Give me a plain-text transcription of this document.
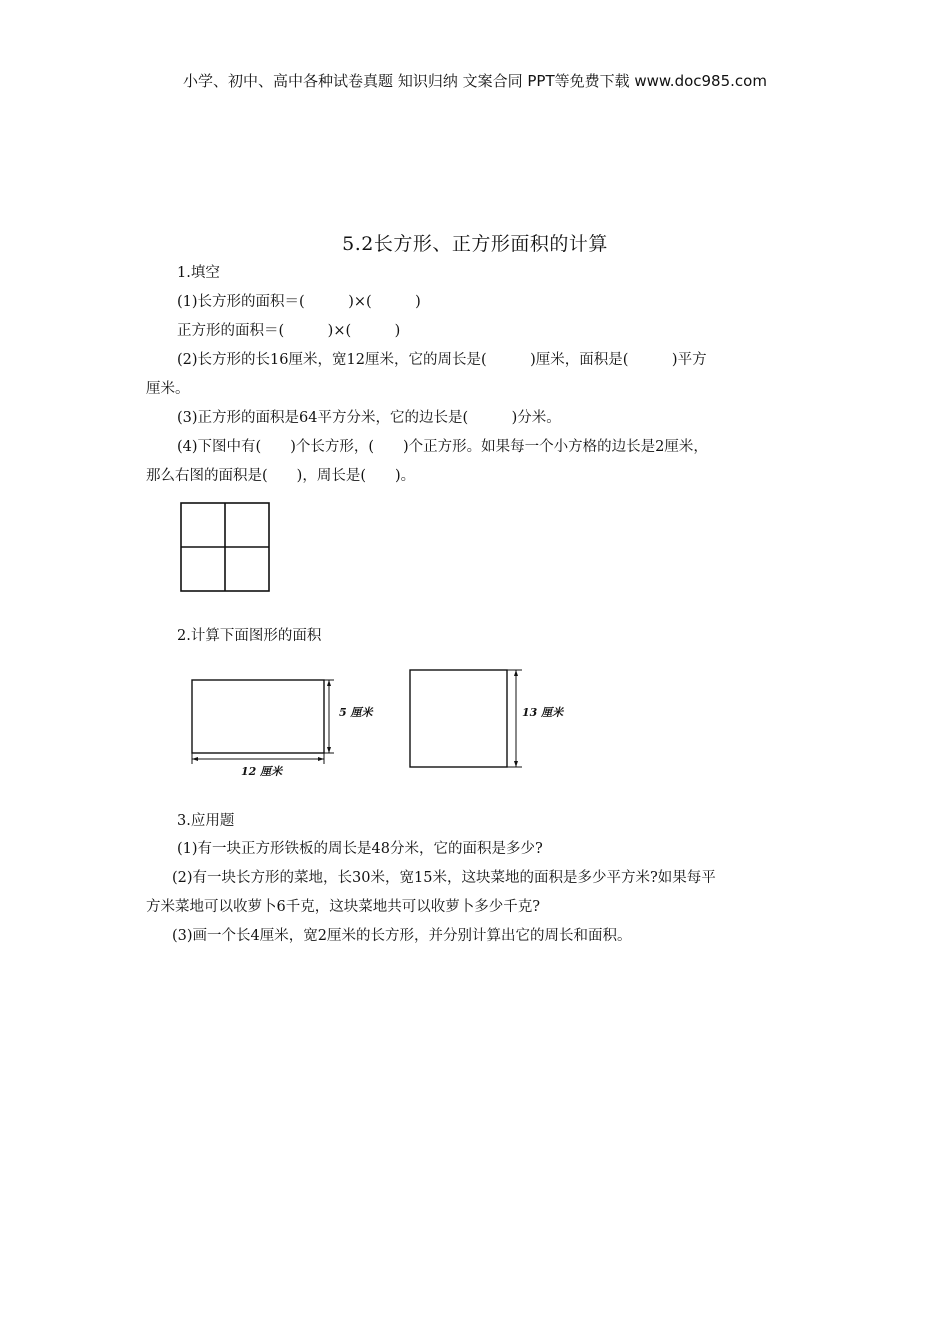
小学、初中、高中各种试卷真题 知识归纳 文案合同 PPT等免费下载 www.doc985.com
5.2长方形、正方形面积的计算
1.填空
(1)长方形的面积＝(　　　)×(　　　)
正方形的面积＝(　　　)×(　　　)
(2)长方形的长16厘米，宽12厘米，它的周长是(　　　)厘米，面积是(　　　)平方
厘米。
(3)正方形的面积是64平方分米，它的边长是(　　　)分米。
(4)下图中有(　　)个长方形，(　　)个正方形。如果每一个小方格的边长是2厘米，
那么右图的面积是(　　)，周长是(　　)。
2.计算下面图形的面积
5 厘米
12 厘米
13 厘米
3.应用题
(1)有一块正方形铁板的周长是48分米，它的面积是多少?
(2)有一块长方形的菜地，长30米，宽15米，这块菜地的面积是多少平方米?如果每平
方米菜地可以收萝卜6千克，这块菜地共可以收萝卜多少千克?
(3)画一个长4厘米，宽2厘米的长方形，并分别计算出它的周长和面积。
